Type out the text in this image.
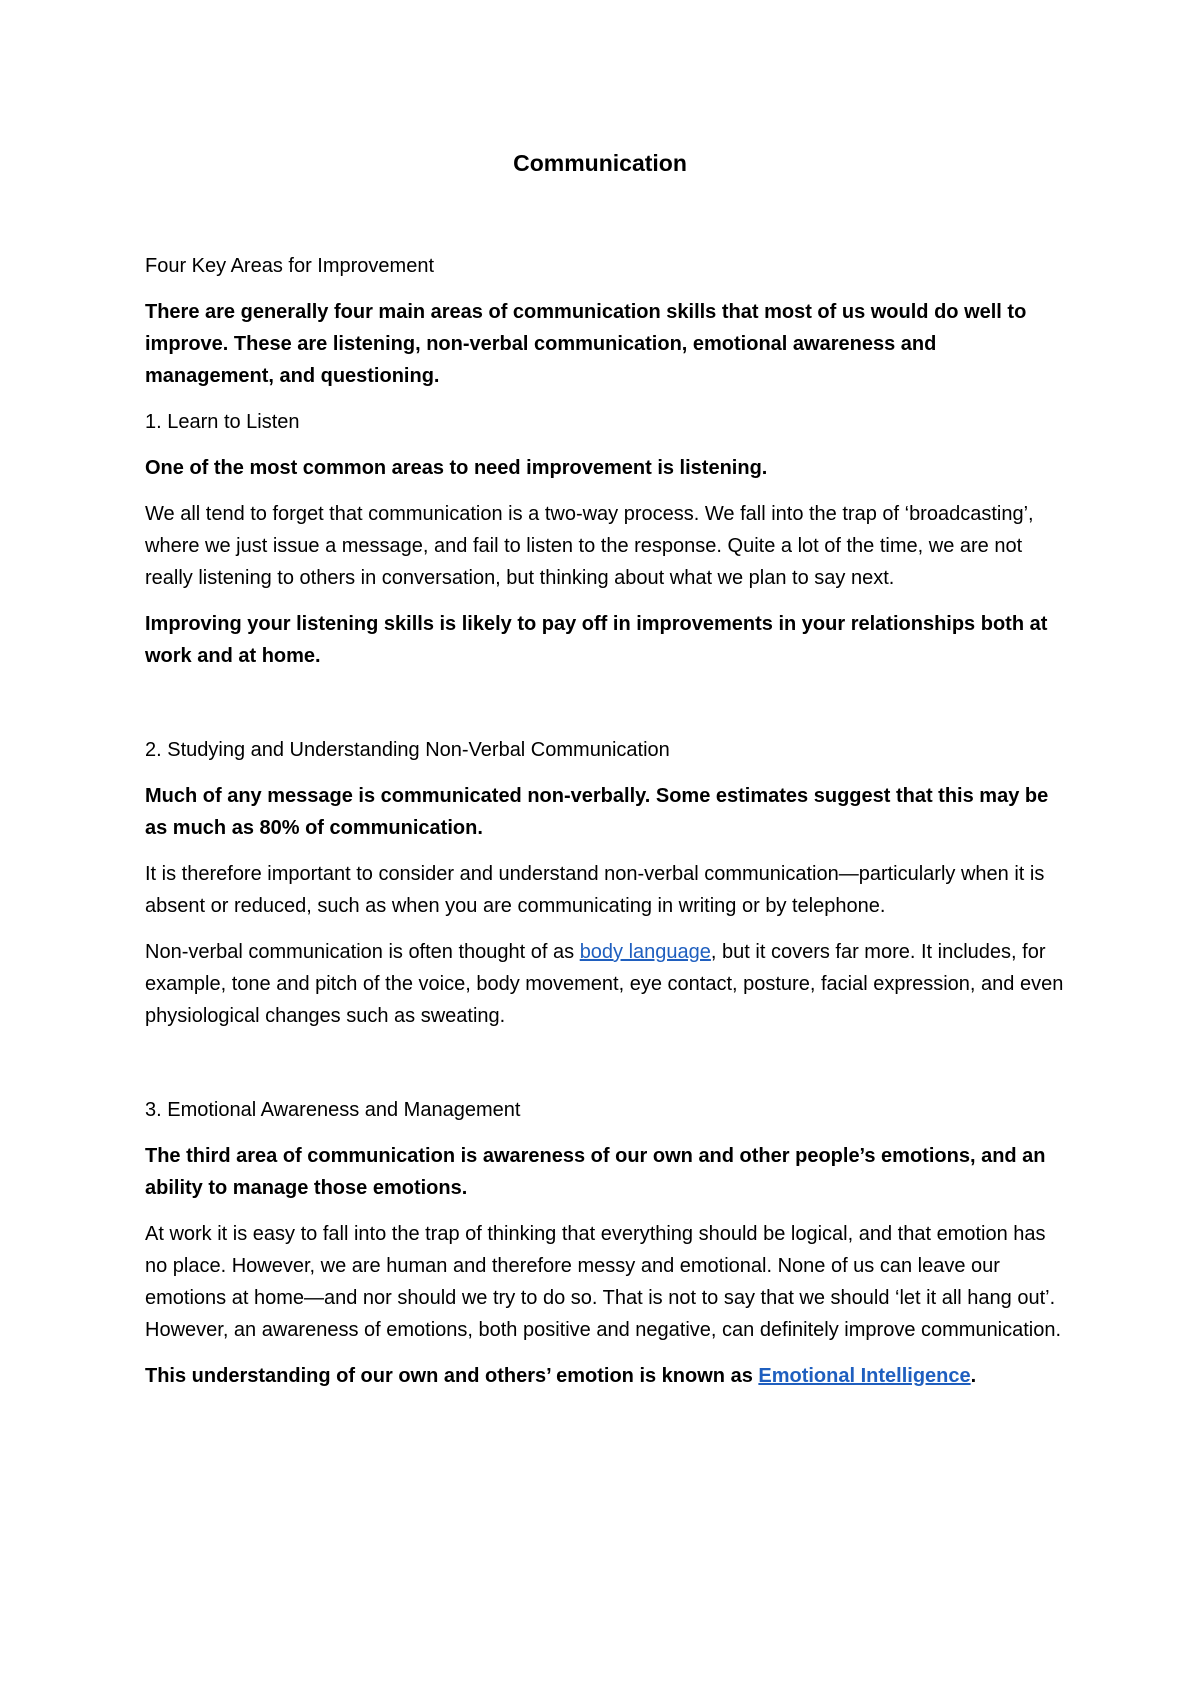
Communication

Four Key Areas for Improvement

There are generally four main areas of communication skills that most of us would do well to improve. These are listening, non-verbal communication, emotional awareness and management, and questioning.

1. Learn to Listen

One of the most common areas to need improvement is listening.

We all tend to forget that communication is a two-way process. We fall into the trap of ‘broadcasting’, where we just issue a message, and fail to listen to the response. Quite a lot of the time, we are not really listening to others in conversation, but thinking about what we plan to say next.

Improving your listening skills is likely to pay off in improvements in your relationships both at work and at home.

2. Studying and Understanding Non-Verbal Communication

Much of any message is communicated non-verbally. Some estimates suggest that this may be as much as 80% of communication.

It is therefore important to consider and understand non-verbal communication—particularly when it is absent or reduced, such as when you are communicating in writing or by telephone.

Non-verbal communication is often thought of as body language, but it covers far more. It includes, for example, tone and pitch of the voice, body movement, eye contact, posture, facial expression, and even physiological changes such as sweating.

3. Emotional Awareness and Management

The third area of communication is awareness of our own and other people’s emotions, and an ability to manage those emotions.

At work it is easy to fall into the trap of thinking that everything should be logical, and that emotion has no place. However, we are human and therefore messy and emotional. None of us can leave our emotions at home—and nor should we try to do so. That is not to say that we should ‘let it all hang out’. However, an awareness of emotions, both positive and negative, can definitely improve communication.

This understanding of our own and others’ emotion is known as Emotional Intelligence.
